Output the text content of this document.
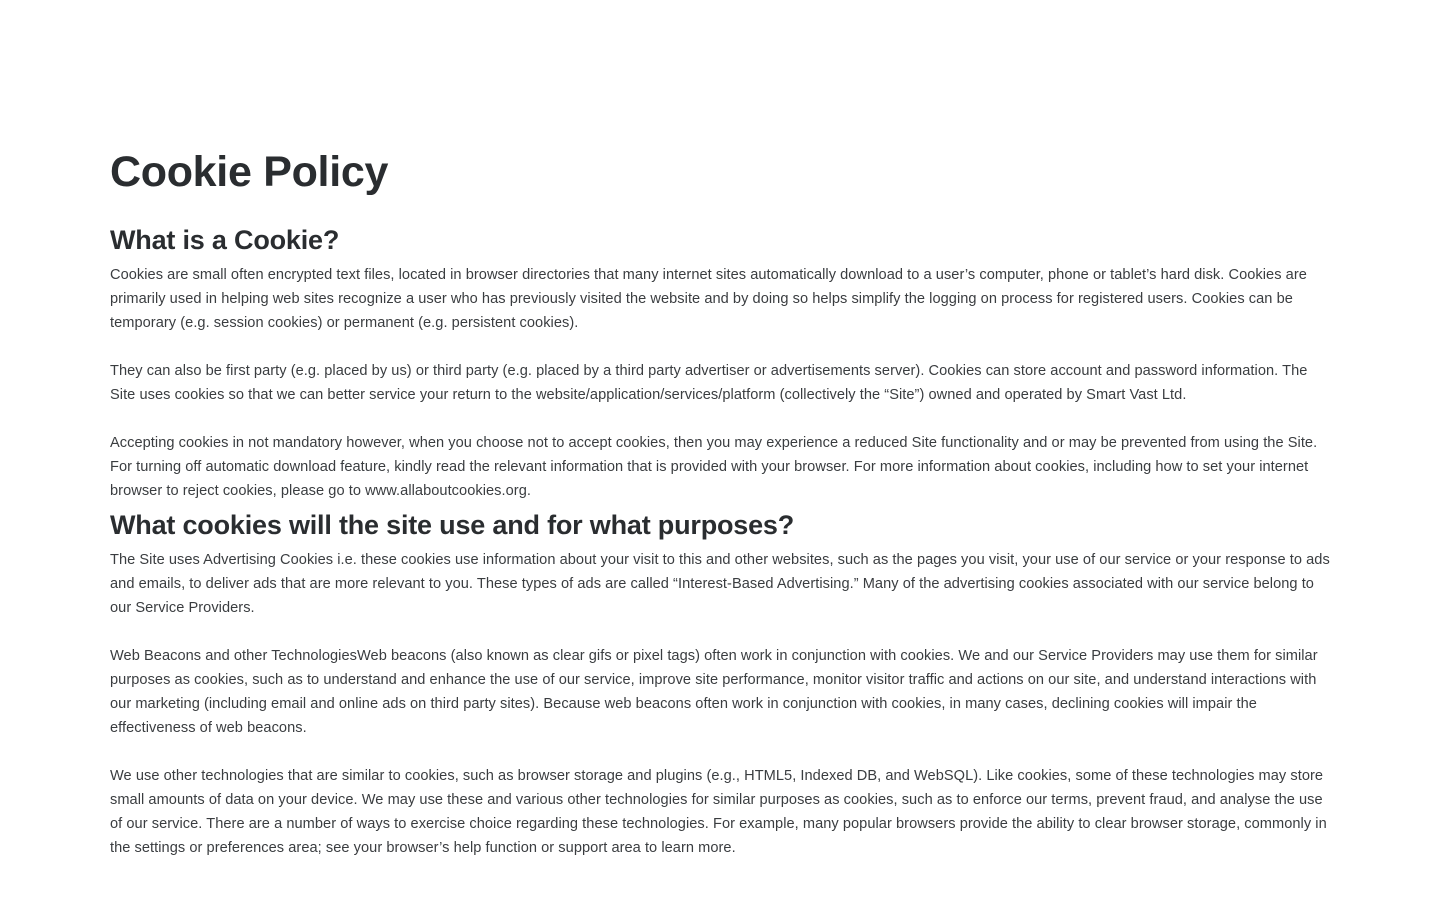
Cookie Policy
What is a Cookie?

Cookies are small often encrypted text files, located in browser directories that many internet sites automatically download to a user’s computer, phone or tablet’s hard disk. Cookies are primarily used in helping web sites recognize a user who has previously visited the website and by doing so helps simplify the logging on process for registered users. Cookies can be temporary (e.g. session cookies) or permanent (e.g. persistent cookies).

They can also be first party (e.g. placed by us) or third party (e.g. placed by a third party advertiser or advertisements server). Cookies can store account and password information. The Site uses cookies so that we can better service your return to the website/application/services/platform (collectively the “Site”) owned and operated by Smart Vast Ltd.

Accepting cookies in not mandatory however, when you choose not to accept cookies, then you may experience a reduced Site functionality and or may be prevented from using the Site. For turning off automatic download feature, kindly read the relevant information that is provided with your browser. For more information about cookies, including how to set your internet browser to reject cookies, please go to www.allaboutcookies.org.

What cookies will the site use and for what purposes?

The Site uses Advertising Cookies i.e. these cookies use information about your visit to this and other websites, such as the pages you visit, your use of our service or your response to ads and emails, to deliver ads that are more relevant to you. These types of ads are called “Interest-Based Advertising.” Many of the advertising cookies associated with our service belong to our Service Providers.

Web Beacons and other TechnologiesWeb beacons (also known as clear gifs or pixel tags) often work in conjunction with cookies. We and our Service Providers may use them for similar purposes as cookies, such as to understand and enhance the use of our service, improve site performance, monitor visitor traffic and actions on our site, and understand interactions with our marketing (including email and online ads on third party sites). Because web beacons often work in conjunction with cookies, in many cases, declining cookies will impair the effectiveness of web beacons.

We use other technologies that are similar to cookies, such as browser storage and plugins (e.g., HTML5, Indexed DB, and WebSQL). Like cookies, some of these technologies may store small amounts of data on your device. We may use these and various other technologies for similar purposes as cookies, such as to enforce our terms, prevent fraud, and analyse the use of our service. There are a number of ways to exercise choice regarding these technologies. For example, many popular browsers provide the ability to clear browser storage, commonly in the settings or preferences area; see your browser’s help function or support area to learn more.
